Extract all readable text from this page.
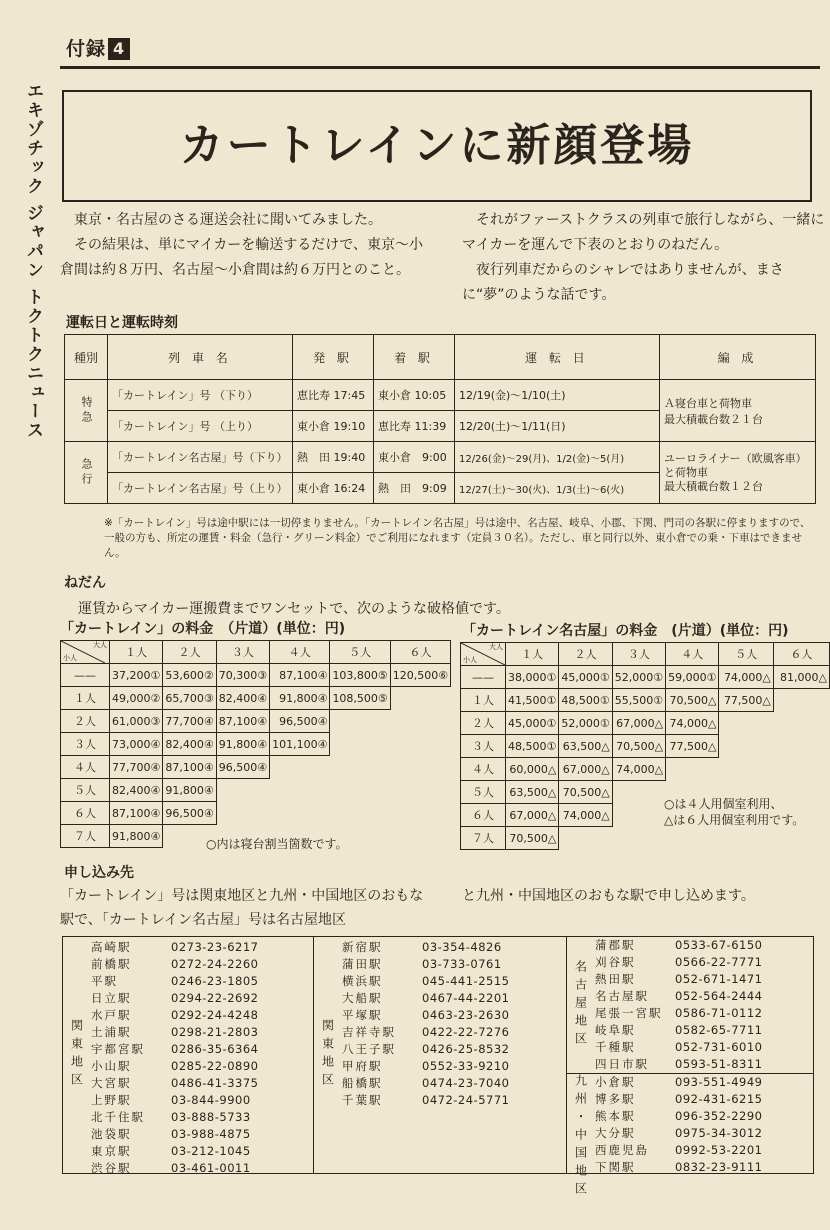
付録 4
エキゾチック ジャパン トクトクニュース	カートレインに新顔登場

東京・名古屋のさる運送会社に聞いてみました。

その結果は、単にマイカーを輸送するだけで、東京〜小倉間は約８万円、名古屋〜小倉間は約６万円とのこと。

それがファーストクラスの列車で旅行しながら、一緒にマイカーを運んで下表のとおりのねだん。

夜行列車だからのシャレではありませんが、まさに“夢”のような話です。

運転日と運転時刻
種別	列 車 名	発 駅	着 駅	運 転 日	編 成
特急	「カートレイン」号 （下り）	恵比寿 17:45	東小倉 10:05	12/19(金)〜1/10(土)	Ａ寝台車と荷物車
最大積載台数２１台
	「カートレイン」号 （上り）	東小倉 19:10	恵比寿 11:39	12/20(土)〜1/11(日)	
急行	「カートレイン名古屋」号（下り）	熱　田 19:40	東小倉　9:00	12/26(金)〜29(月)、1/2(金)〜5(月)	ユーロライナー（欧風客車）
と荷物車
最大積載台数１２台
	「カートレイン名古屋」号（上り）	東小倉 16:24	熱　田　9:09	12/27(土)〜30(火)、1/3(土)〜6(火)	
※「カートレイン」号は途中駅には一切停まりません。「カートレイン名古屋」号は途中、名古屋、岐阜、小郡、下関、門司の各駅に停まりますので、一般の方も、所定の運賃・料金（急行・グリーン料金）でご利用になれます（定員３０名）。ただし、車と同行以外、東小倉での乗・下車はできません。
ねだん
運賃からマイカー運搬費までワンセットで、次のような破格値です。
「カートレイン」の料金　（片道）(単位：円)
大人
小人	１人	２人	３人	４人	５人	６人
——	37,200①	53,600②	70,300③	87,100④	103,800⑤	120,500⑥
１人	49,000②	65,700③	82,400④	91,800④	108,500⑤	
２人	61,000③	77,700④	87,100④	96,500④		
３人	73,000④	82,400④	91,800④	101,100④		
４人	77,700④	87,100④	96,500④			
５人	82,400④	91,800④				
６人	87,100④	96,500④				
７人	91,800④					
○内は寝台割当箇数です。
「カートレイン名古屋」の料金　(片道）(単位：円)
大人
小人	１人	２人	３人	４人	５人	６人
——	38,000①	45,000①	52,000①	59,000①	74,000△	81,000△
１人	41,500①	48,500①	55,500①	70,500△	77,500△	
２人	45,000①	52,000①	67,000△	74,000△		
３人	48,500①	63,500△	70,500△	77,500△		
４人	60,000△	67,000△	74,000△			
５人	63,500△	70,500△				
６人	67,000△	74,000△				
７人	70,500△					
○は４人用個室利用、
△は６人用個室利用です。
申し込み先
「カートレイン」号は関東地区と九州・中国地区のおもな駅で、「カートレイン名古屋」号は名古屋地区
と九州・中国地区のおもな駅で申し込めます。
関東地区
高崎駅	0273-23-6217
前橋駅	0272-24-2260
平駅	0246-23-1805
日立駅	0294-22-2692
水戸駅	0292-24-4248
土浦駅	0298-21-2803
宇都宮駅	0286-35-6364
小山駅	0285-22-0890
大宮駅	0486-41-3375
上野駅	03-844-9900
北千住駅	03-888-5733
池袋駅	03-988-4875
東京駅	03-212-1045
渋谷駅	03-461-0011
関東地区
新宿駅	03-354-4826
蒲田駅	03-733-0761
横浜駅	045-441-2515
大船駅	0467-44-2201
平塚駅	0463-23-2630
吉祥寺駅	0422-22-7276
八王子駅	0426-25-8532
甲府駅	0552-33-9210
船橋駅	0474-23-7040
千葉駅	0472-24-5771
名古屋地区
蒲郡駅	0533-67-6150
刈谷駅	0566-22-7771
熱田駅	052-671-1471
名古屋駅	052-564-2444
尾張一宮駅	0586-71-0112
岐阜駅	0582-65-7711
千種駅	052-731-6010
四日市駅	0593-51-8311
九州・中国地区 小倉駅	093-551-4949
博多駅	092-431-6215
熊本駅	096-352-2290
大分駅	0975-34-3012
西鹿児島	0992-53-2201
下関駅	0832-23-9111
